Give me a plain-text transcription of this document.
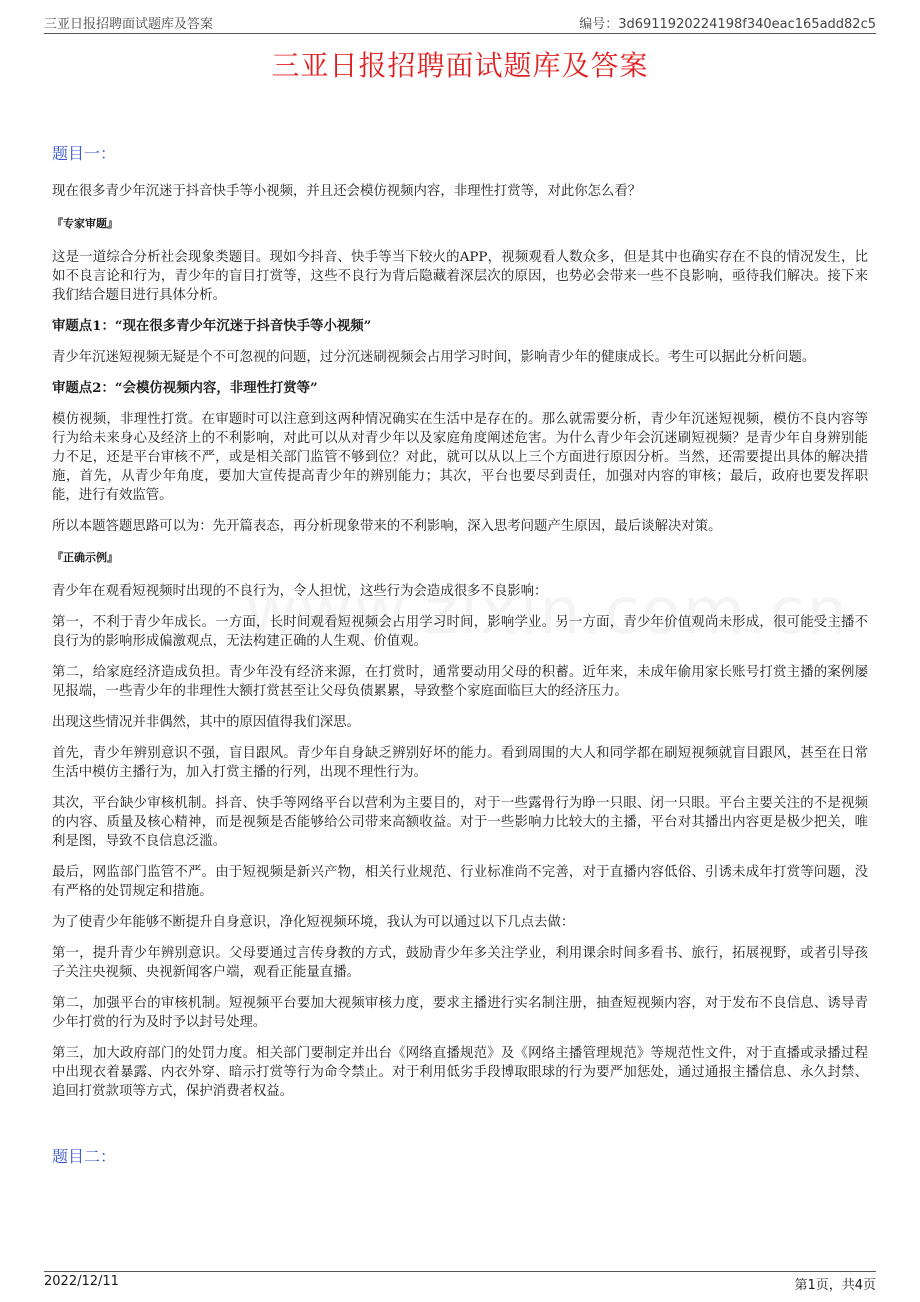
三亚日报招聘面试题库及答案	编号：3d6911920224198f340eac165add82c5
三亚日报招聘面试题库及答案

题目一：

现在很多青少年沉迷于抖音快手等小视频，并且还会模仿视频内容，非理性打赏等，对此你怎么看？

『专家审题』

这是一道综合分析社会现象类题目。现如今抖音、快手等当下较火的APP，视频观看人数众多，但是其中也确实存在不良的情况发生，比如不良言论和行为，青少年的盲目打赏等，这些不良行为背后隐藏着深层次的原因，也势必会带来一些不良影响，亟待我们解决。接下来我们结合题目进行具体分析。

审题点1：“现在很多青少年沉迷于抖音快手等小视频”

青少年沉迷短视频无疑是个不可忽视的问题，过分沉迷刷视频会占用学习时间，影响青少年的健康成长。考生可以据此分析问题。

审题点2：“会模仿视频内容，非理性打赏等”

模仿视频，非理性打赏。在审题时可以注意到这两种情况确实在生活中是存在的。那么就需要分析，青少年沉迷短视频，模仿不良内容等行为给未来身心及经济上的不利影响，对此可以从对青少年以及家庭角度阐述危害。为什么青少年会沉迷刷短视频？是青少年自身辨别能力不足，还是平台审核不严，或是相关部门监管不够到位？对此，就可以从以上三个方面进行原因分析。当然，还需要提出具体的解决措施，首先，从青少年角度，要加大宣传提高青少年的辨别能力；其次，平台也要尽到责任，加强对内容的审核；最后，政府也要发挥职能，进行有效监管。

所以本题答题思路可以为：先开篇表态，再分析现象带来的不利影响，深入思考问题产生原因，最后谈解决对策。

『正确示例』

青少年在观看短视频时出现的不良行为，令人担忧，这些行为会造成很多不良影响：

第一，不利于青少年成长。一方面，长时间观看短视频会占用学习时间，影响学业。另一方面，青少年价值观尚未形成，很可能受主播不良行为的影响形成偏激观点，无法构建正确的人生观、价值观。

第二，给家庭经济造成负担。青少年没有经济来源，在打赏时，通常要动用父母的积蓄。近年来，未成年偷用家长账号打赏主播的案例屡见报端，一些青少年的非理性大额打赏甚至让父母负债累累，导致整个家庭面临巨大的经济压力。

出现这些情况并非偶然，其中的原因值得我们深思。

首先，青少年辨别意识不强，盲目跟风。青少年自身缺乏辨别好坏的能力。看到周围的大人和同学都在刷短视频就盲目跟风，甚至在日常生活中模仿主播行为，加入打赏主播的行列，出现不理性行为。

其次，平台缺少审核机制。抖音、快手等网络平台以营利为主要目的，对于一些露骨行为睁一只眼、闭一只眼。平台主要关注的不是视频的内容、质量及核心精神，而是视频是否能够给公司带来高额收益。对于一些影响力比较大的主播，平台对其播出内容更是极少把关，唯利是图，导致不良信息泛滥。

最后，网监部门监管不严。由于短视频是新兴产物，相关行业规范、行业标准尚不完善，对于直播内容低俗、引诱未成年打赏等问题，没有严格的处罚规定和措施。

为了使青少年能够不断提升自身意识，净化短视频环境，我认为可以通过以下几点去做：

第一，提升青少年辨别意识。父母要通过言传身教的方式，鼓励青少年多关注学业，利用课余时间多看书、旅行，拓展视野，或者引导孩子关注央视频、央视新闻客户端，观看正能量直播。

第二，加强平台的审核机制。短视频平台要加大视频审核力度，要求主播进行实名制注册，抽查短视频内容，对于发布不良信息、诱导青少年打赏的行为及时予以封号处理。

第三，加大政府部门的处罚力度。相关部门要制定并出台《网络直播规范》及《网络主播管理规范》等规范性文件，对于直播或录播过程中出现衣着暴露、内衣外穿、暗示打赏等行为命令禁止。对于利用低劣手段博取眼球的行为要严加惩处，通过通报主播信息、永久封禁、追回打赏款项等方式，保护消费者权益。

题目二：

2022/12/11	第1页，共4页
